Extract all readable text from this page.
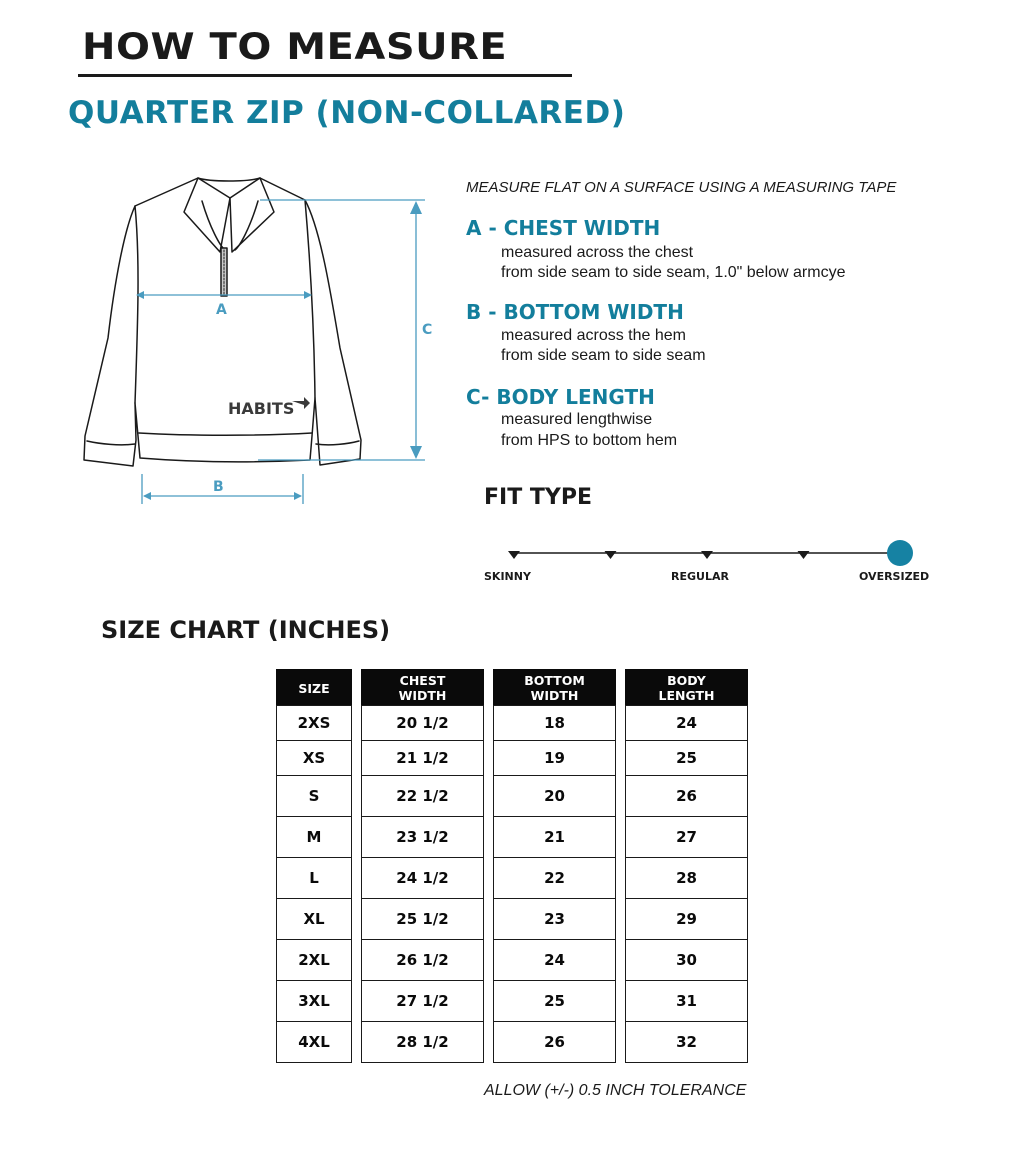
HOW TO MEASURE
QUARTER ZIP (NON-COLLARED)
HABITS
A
B
C
MEASURE FLAT ON A SURFACE USING A MEASURING TAPE
A - CHEST WIDTH
measured across the chest
from side seam to side seam, 1.0" below armcye
B - BOTTOM WIDTH
measured across the hem
from side seam to side seam
C- BODY LENGTH
measured lengthwise
from HPS to bottom hem
FIT TYPE
SKINNY	REGULAR	OVERSIZED
SIZE CHART (INCHES)
SIZE
2XS
XS
S
M
L
XL
2XL
3XL
4XL
CHEST
WIDTH
20 1/2
21 1/2
22 1/2
23 1/2
24 1/2
25 1/2
26 1/2
27 1/2
28 1/2
BOTTOM
WIDTH
18
19
20
21
22
23
24
25
26
BODY
LENGTH
24
25
26
27
28
29
30
31
32
ALLOW (+/-) 0.5 INCH TOLERANCE
